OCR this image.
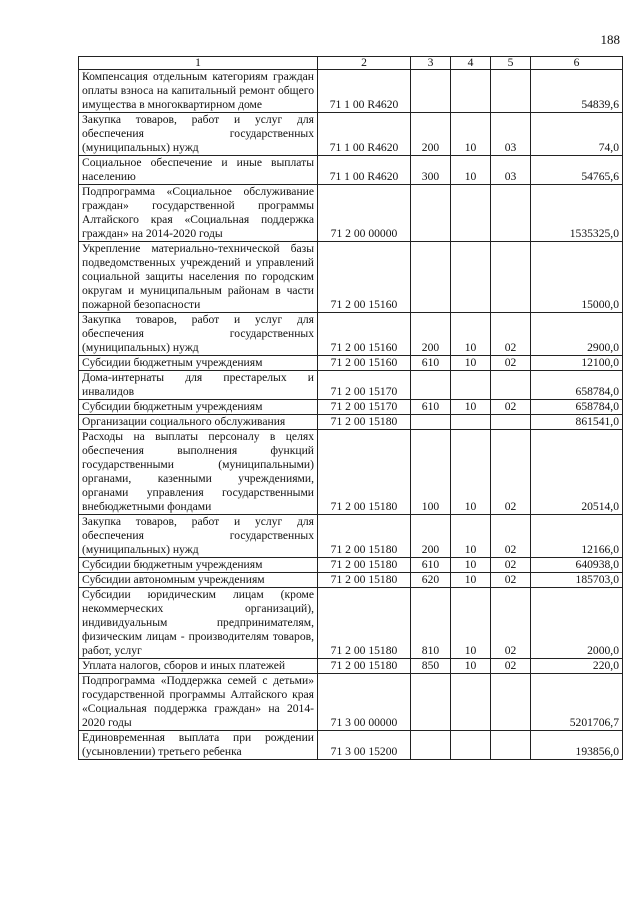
188
1	2	3	4	5	6
Компенсация отдельным категориям граждан оплаты взноса на капитальный ремонт общего имущества в многоквартирном доме	71 1 00 R4620				54839,6
Закупка товаров, работ и услуг для обеспечения государственных (муниципальных) нужд	71 1 00 R4620	200	10	03	74,0
Социальное обеспечение и иные выплаты населению	71 1 00 R4620	300	10	03	54765,6
Подпрограмма «Социальное обслуживание граждан» государственной программы Алтайского края «Социальная поддержка граждан» на 2014-2020 годы	71 2 00 00000				1535325,0
Укрепление материально-технической базы подведомственных учреждений и управлений социальной защиты населения по городским округам и муниципальным районам в части пожарной безопасности	71 2 00 15160				15000,0
Закупка товаров, работ и услуг для обеспечения государственных (муниципальных) нужд	71 2 00 15160	200	10	02	2900,0
Субсидии бюджетным учреждениям	71 2 00 15160	610	10	02	12100,0
Дома-интернаты для престарелых и инвалидов	71 2 00 15170				658784,0
Субсидии бюджетным учреждениям	71 2 00 15170	610	10	02	658784,0
Организации социального обслуживания	71 2 00 15180				861541,0
Расходы на выплаты персоналу в целях обеспечения выполнения функций государственными (муниципальными) органами, казенными учреждениями, органами управления государственными внебюджетными фондами	71 2 00 15180	100	10	02	20514,0
Закупка товаров, работ и услуг для обеспечения государственных (муниципальных) нужд	71 2 00 15180	200	10	02	12166,0
Субсидии бюджетным учреждениям	71 2 00 15180	610	10	02	640938,0
Субсидии автономным учреждениям	71 2 00 15180	620	10	02	185703,0
Субсидии юридическим лицам (кроме некоммерческих организаций), индивидуальным предпринимателям, физическим лицам - производителям товаров, работ, услуг	71 2 00 15180	810	10	02	2000,0
Уплата налогов, сборов и иных платежей	71 2 00 15180	850	10	02	220,0
Подпрограмма «Поддержка семей с детьми» государственной программы Алтайского края «Социальная поддержка граждан» на 2014-2020 годы	71 3 00 00000				5201706,7
Единовременная выплата при рождении (усыновлении) третьего ребенка	71 3 00 15200				193856,0
